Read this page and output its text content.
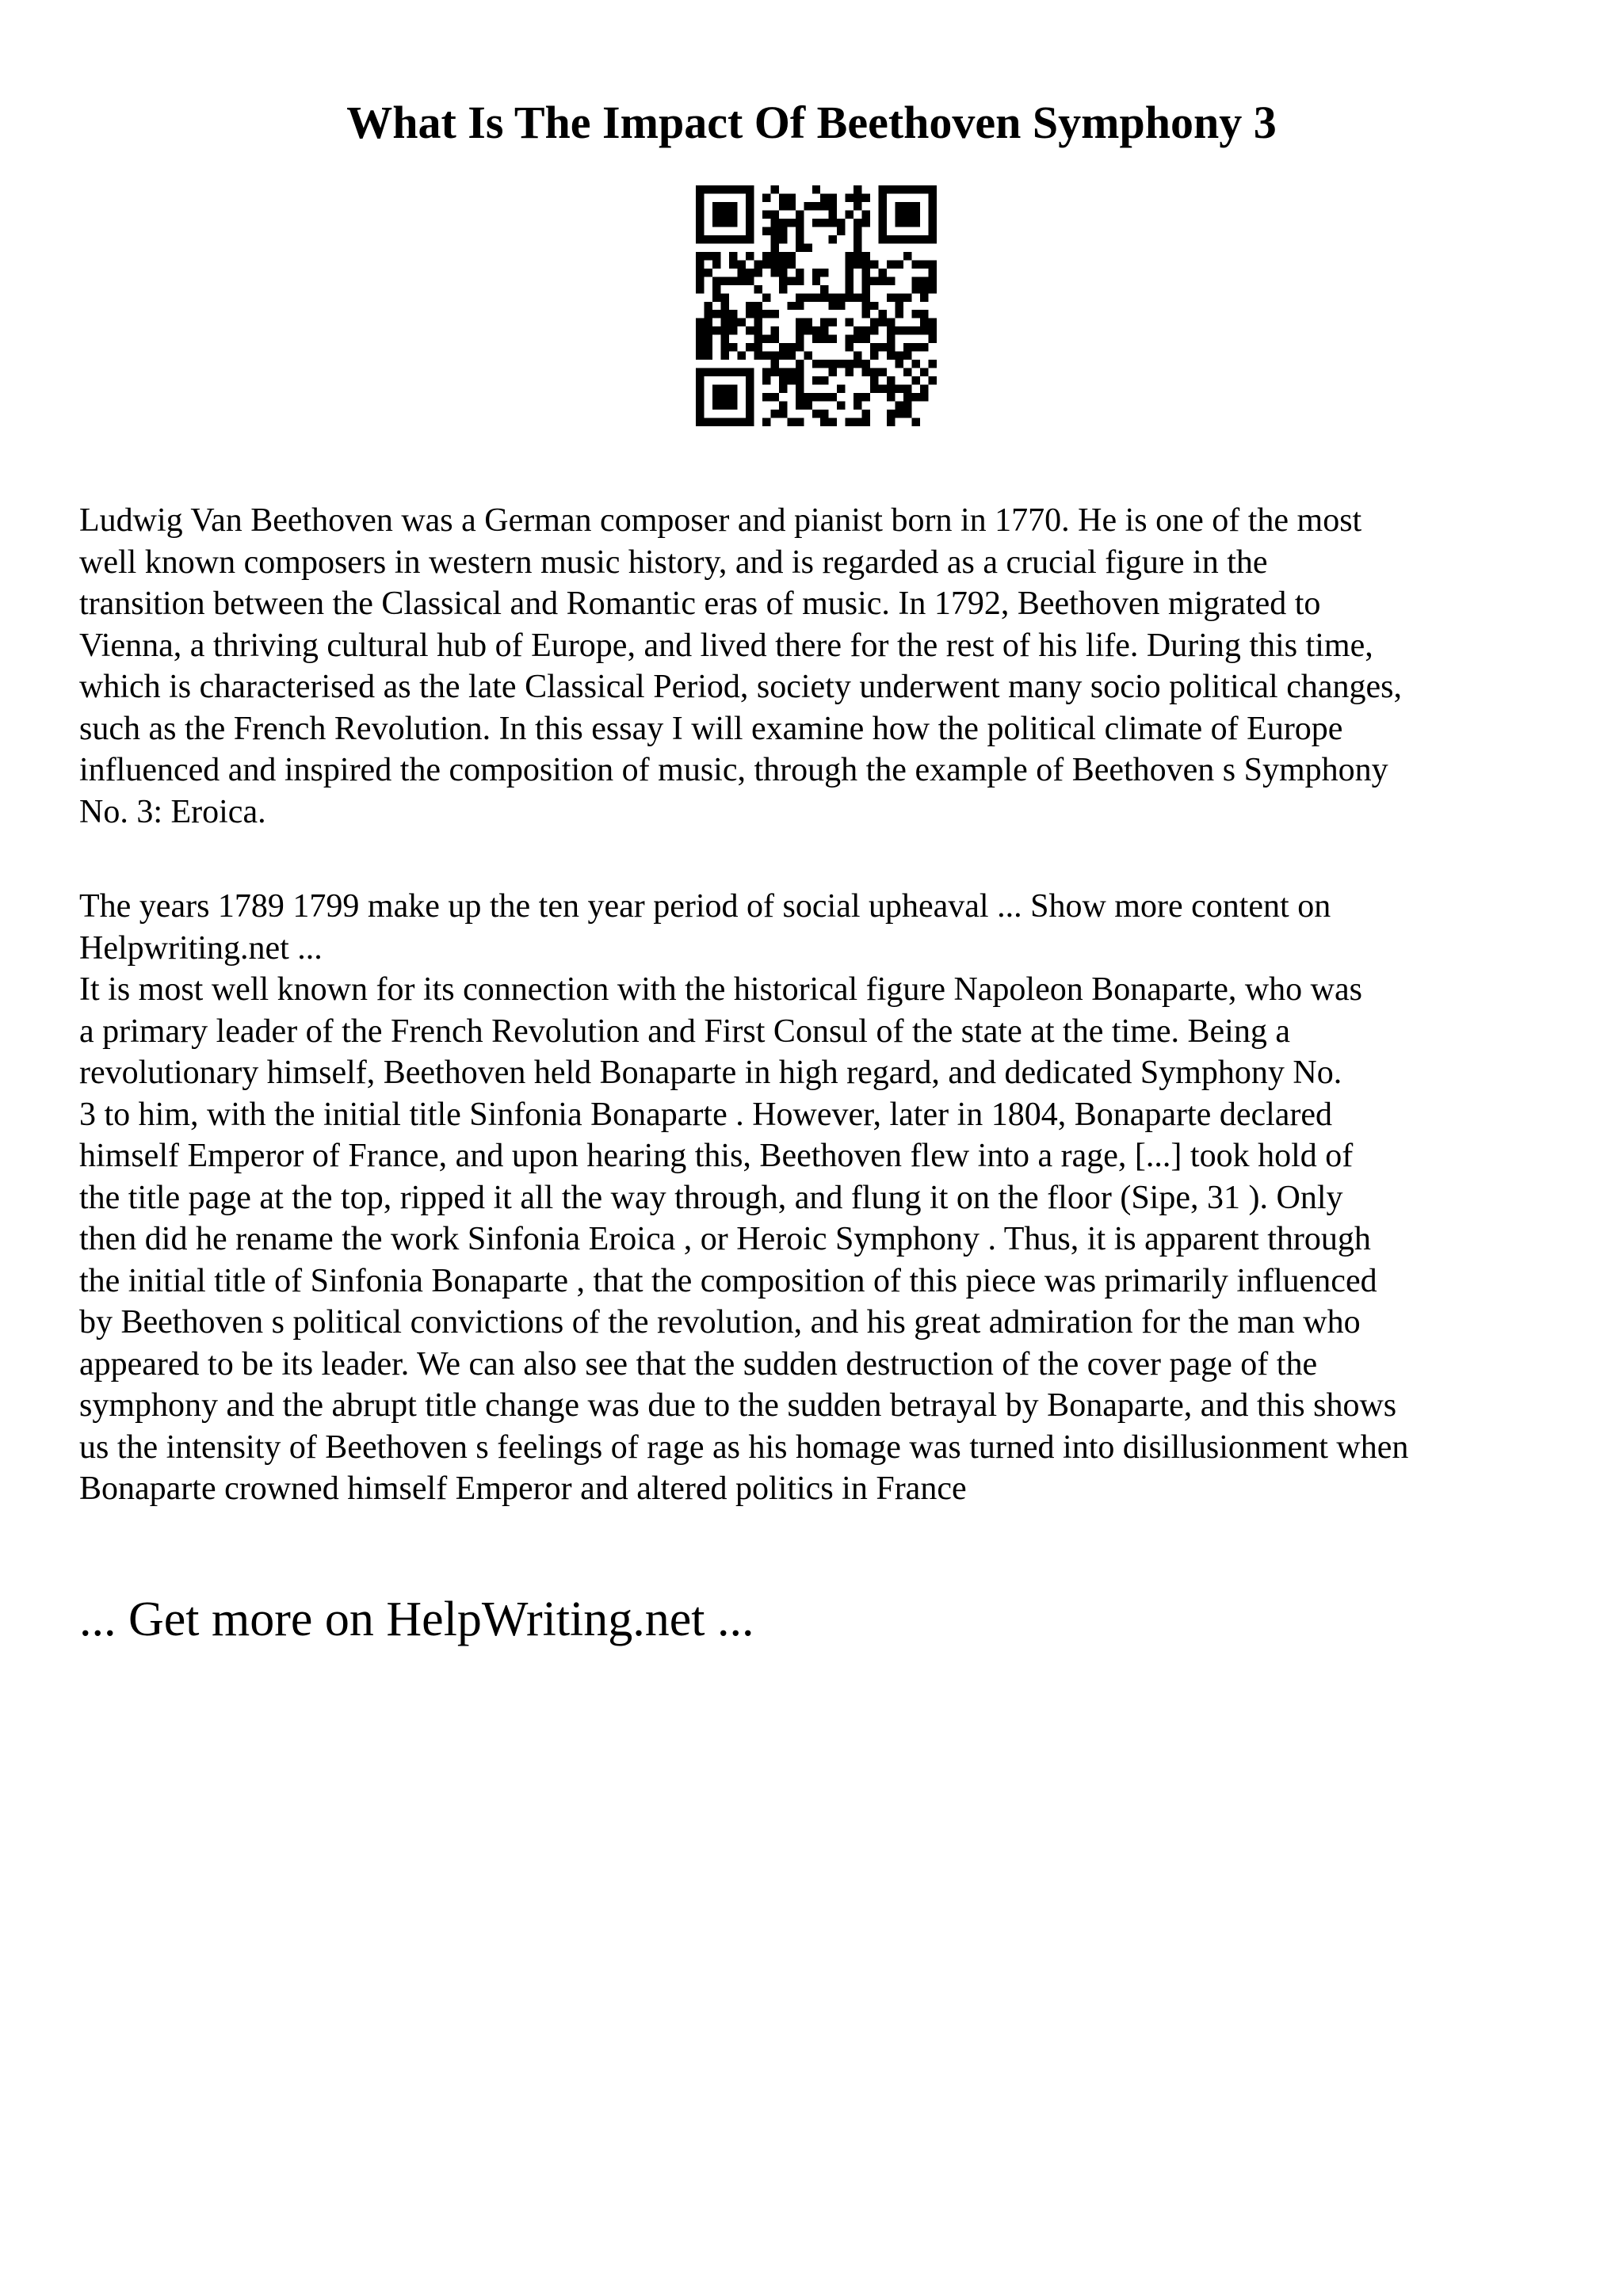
What Is The Impact Of Beethoven Symphony 3
Ludwig Van Beethoven was a German composer and pianist born in 1770. He is one of the most
well known composers in western music history, and is regarded as a crucial figure in the
transition between the Classical and Romantic eras of music. In 1792, Beethoven migrated to
Vienna, a thriving cultural hub of Europe, and lived there for the rest of his life. During this time,
which is characterised as the late Classical Period, society underwent many socio political changes,
such as the French Revolution. In this essay I will examine how the political climate of Europe
influenced and inspired the composition of music, through the example of Beethoven s Symphony
No. 3: Eroica.
The years 1789 1799 make up the ten year period of social upheaval ... Show more content on
Helpwriting.net ...
It is most well known for its connection with the historical figure Napoleon Bonaparte, who was
a primary leader of the French Revolution and First Consul of the state at the time. Being a
revolutionary himself, Beethoven held Bonaparte in high regard, and dedicated Symphony No.
3 to him, with the initial title Sinfonia Bonaparte . However, later in 1804, Bonaparte declared
himself Emperor of France, and upon hearing this, Beethoven flew into a rage, [...] took hold of
the title page at the top, ripped it all the way through, and flung it on the floor (Sipe, 31 ). Only
then did he rename the work Sinfonia Eroica , or Heroic Symphony . Thus, it is apparent through
the initial title of Sinfonia Bonaparte , that the composition of this piece was primarily influenced
by Beethoven s political convictions of the revolution, and his great admiration for the man who
appeared to be its leader. We can also see that the sudden destruction of the cover page of the
symphony and the abrupt title change was due to the sudden betrayal by Bonaparte, and this shows
us the intensity of Beethoven s feelings of rage as his homage was turned into disillusionment when
Bonaparte crowned himself Emperor and altered politics in France
... Get more on HelpWriting.net ...
